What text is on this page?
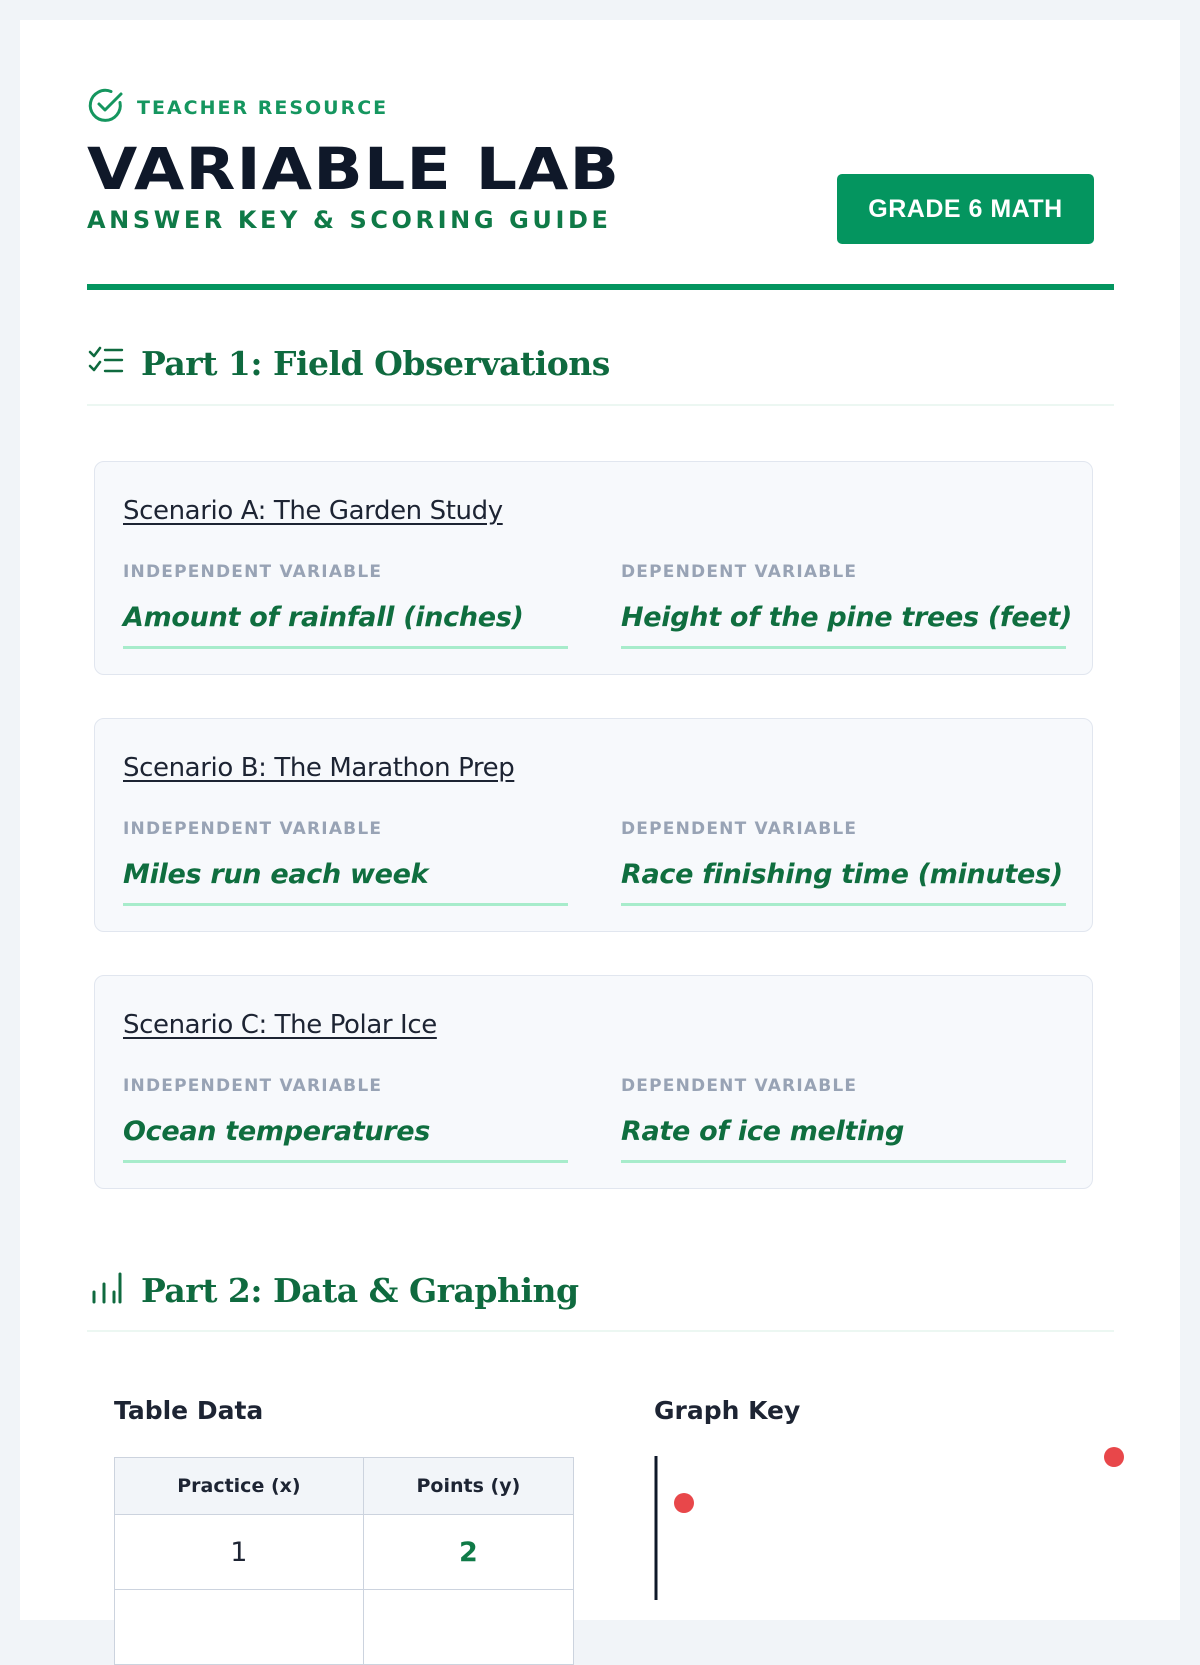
TEACHER RESOURCE
VARIABLE LAB
ANSWER KEY & SCORING GUIDE	GRADE 6 MATH
Part 1: Field Observations
Scenario A: The Garden Study
INDEPENDENT VARIABLE	DEPENDENT VARIABLE
Amount of rainfall (inches)	Height of the pine trees (feet)
Scenario B: The Marathon Prep
INDEPENDENT VARIABLE	DEPENDENT VARIABLE
Miles run each week	Race finishing time (minutes)
Scenario C: The Polar Ice
INDEPENDENT VARIABLE	DEPENDENT VARIABLE
Ocean temperatures	Rate of ice melting
Part 2: Data & Graphing
Table Data	Graph Key
Practice (x)	Points (y)
1	2
